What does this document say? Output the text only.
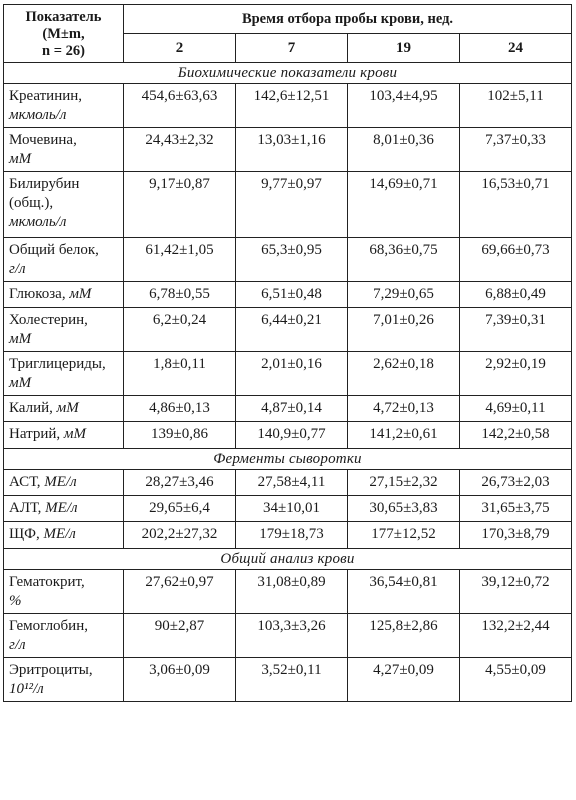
Показатель
(M±m,
n = 26)	Время отбора пробы крови, нед.			
	2	7	19	24
Биохимические показатели крови				
Креатинин,
мкмоль/л	454,6±63,63	142,6±12,51	103,4±4,95	102±5,11
Мочевина,
мМ	24,43±2,32	13,03±1,16	8,01±0,36	7,37±0,33
Билирубин (общ.),
мкмоль/л	9,17±0,87	9,77±0,97	14,69±0,71	16,53±0,71
Общий белок,
г/л	61,42±1,05	65,3±0,95	68,36±0,75	69,66±0,73
Глюкоза, мМ	6,78±0,55	6,51±0,48	7,29±0,65	6,88±0,49
Холестерин,
мМ	6,2±0,24	6,44±0,21	7,01±0,26	7,39±0,31
Триглицериды,
мМ	1,8±0,11	2,01±0,16	2,62±0,18	2,92±0,19
Калий, мМ	4,86±0,13	4,87±0,14	4,72±0,13	4,69±0,11
Натрий, мМ	139±0,86	140,9±0,77	141,2±0,61	142,2±0,58
Ферменты сыворотки				
АСТ, МЕ/л	28,27±3,46	27,58±4,11	27,15±2,32	26,73±2,03
АЛТ, МЕ/л	29,65±6,4	34±10,01	30,65±3,83	31,65±3,75
ЩФ, МЕ/л	202,2±27,32	179±18,73	177±12,52	170,3±8,79
Общий анализ крови				
Гематокрит,
%	27,62±0,97	31,08±0,89	36,54±0,81	39,12±0,72
Гемоглобин,
г/л	90±2,87	103,3±3,26	125,8±2,86	132,2±2,44
Эритроциты,
10¹²/л	3,06±0,09	3,52±0,11	4,27±0,09	4,55±0,09
